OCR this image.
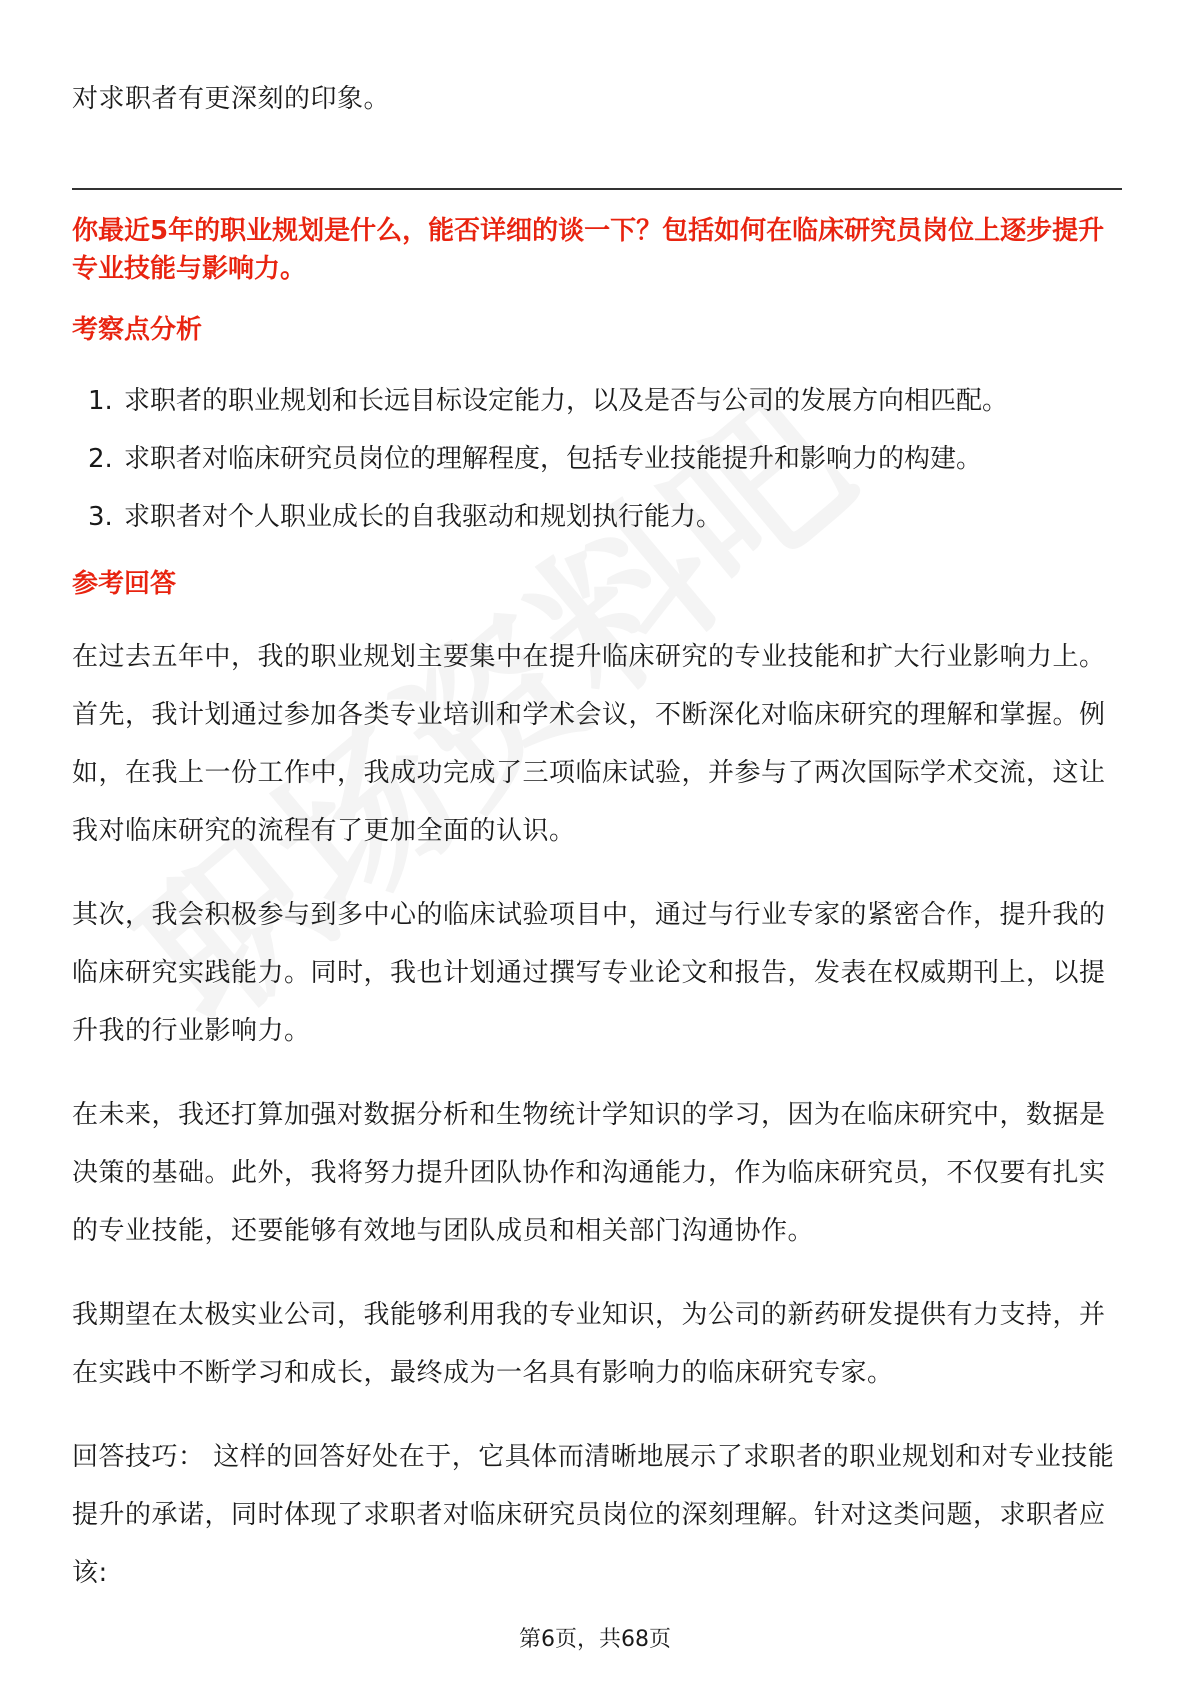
对求职者有更深刻的印象。

你最近5年的职业规划是什么，能否详细的谈一下？包括如何在临床研究员岗位上逐步提升专业技能与影响力。

考察点分析
1. 求职者的职业规划和长远目标设定能力，以及是否与公司的发展方向相匹配。
2. 求职者对临床研究员岗位的理解程度，包括专业技能提升和影响力的构建。
3. 求职者对个人职业成长的自我驱动和规划执行能力。
参考回答

在过去五年中，我的职业规划主要集中在提升临床研究的专业技能和扩大行业影响力上。首先，我计划通过参加各类专业培训和学术会议，不断深化对临床研究的理解和掌握。例如，在我上一份工作中，我成功完成了三项临床试验，并参与了两次国际学术交流，这让我对临床研究的流程有了更加全面的认识。

其次，我会积极参与到多中心的临床试验项目中，通过与行业专家的紧密合作，提升我的临床研究实践能力。同时，我也计划通过撰写专业论文和报告，发表在权威期刊上，以提升我的行业影响力。

在未来，我还打算加强对数据分析和生物统计学知识的学习，因为在临床研究中，数据是决策的基础。此外，我将努力提升团队协作和沟通能力，作为临床研究员，不仅要有扎实的专业技能，还要能够有效地与团队成员和相关部门沟通协作。

我期望在太极实业公司，我能够利用我的专业知识，为公司的新药研发提供有力支持，并在实践中不断学习和成长，最终成为一名具有影响力的临床研究专家。

回答技巧： 这样的回答好处在于，它具体而清晰地展示了求职者的职业规划和对专业技能提升的承诺，同时体现了求职者对临床研究员岗位的深刻理解。针对这类问题，求职者应该:

第6页，共68页
